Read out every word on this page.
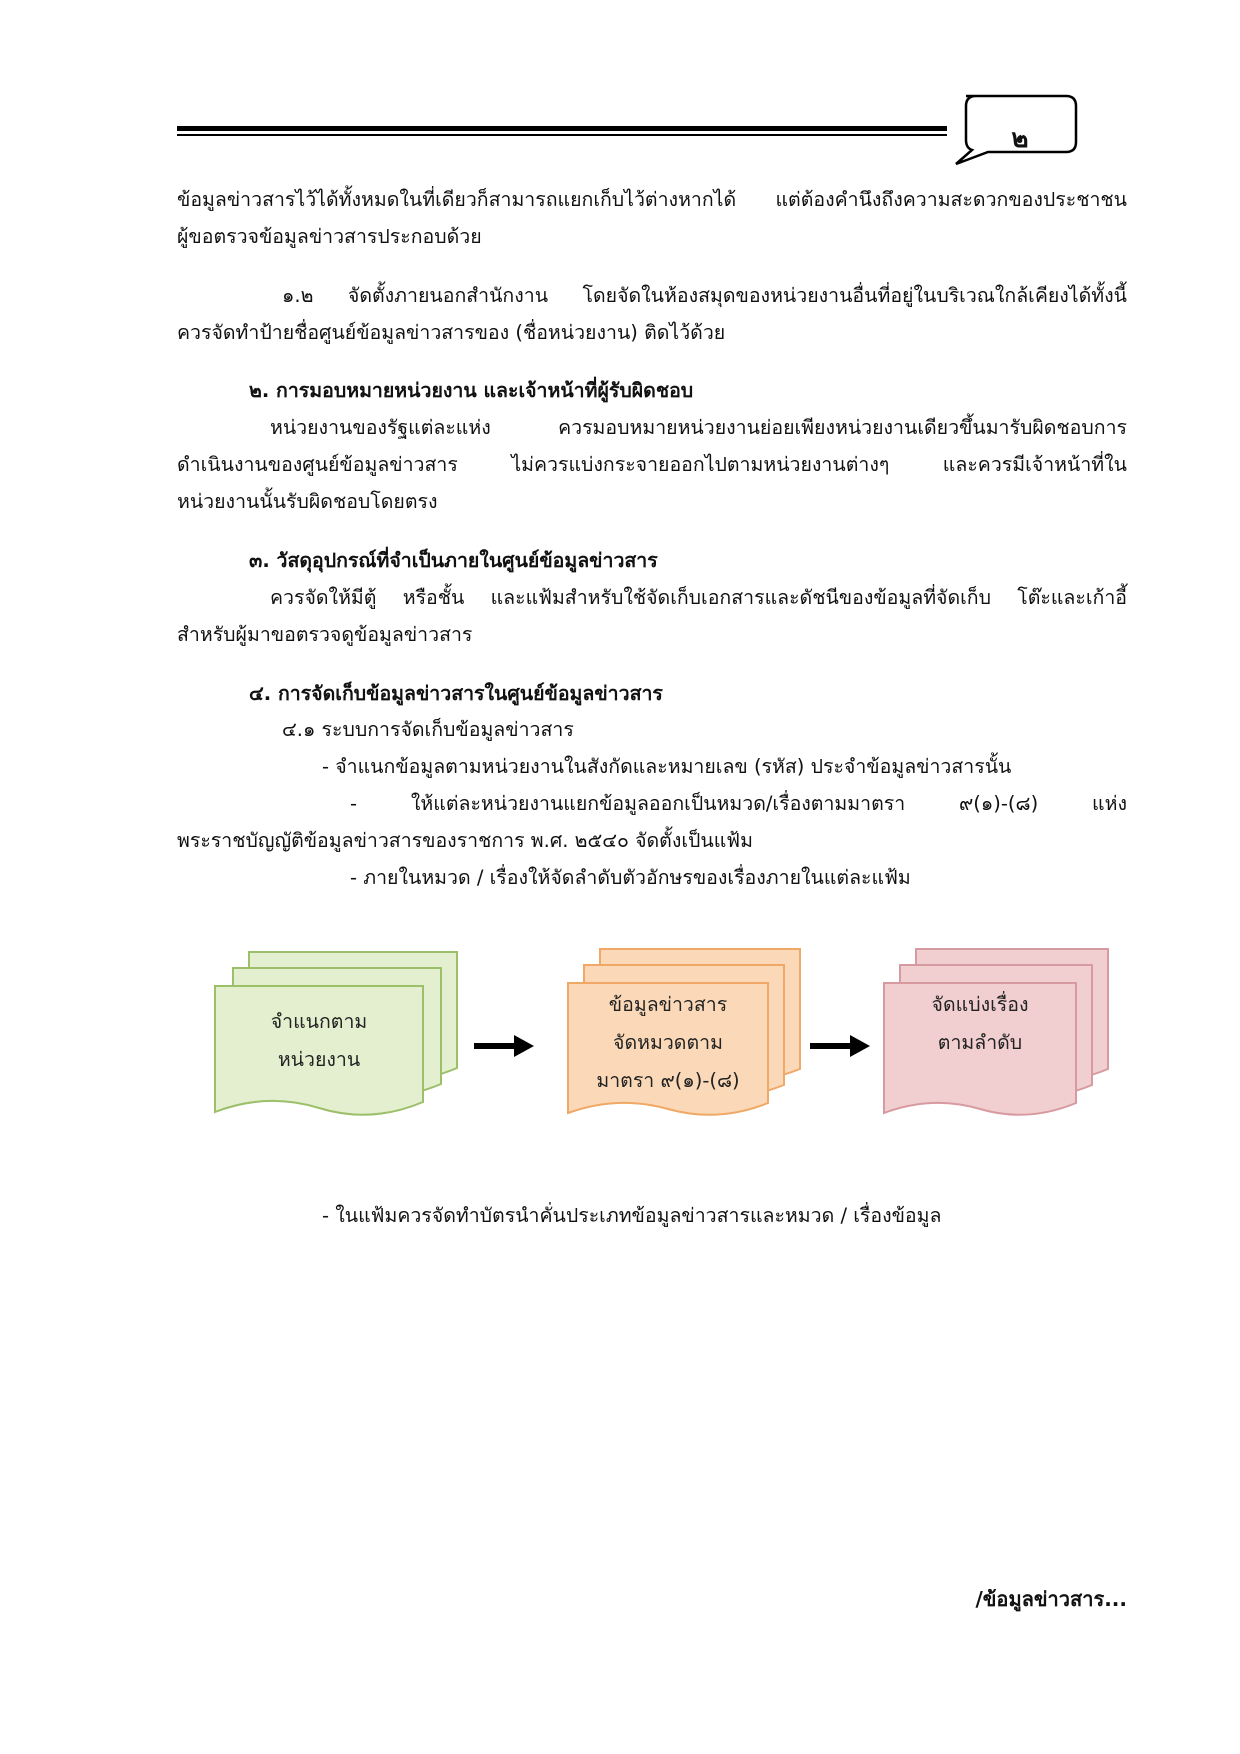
๒
ข้อมูลข่าวสารไว้ได้ทั้งหมดในที่เดียวก็สามารถแยกเก็บไว้ต่างหากได้ แต่ต้องคำนึงถึงความสะดวกของประชาชน
ผู้ขอตรวจข้อมูลข่าวสารประกอบด้วย
๑.๒ จัดตั้งภายนอกสำนักงาน โดยจัดในห้องสมุดของหน่วยงานอื่นที่อยู่ในบริเวณใกล้เคียงได้ทั้งนี้
ควรจัดทำป้ายชื่อศูนย์ข้อมูลข่าวสารของ (ชื่อหน่วยงาน) ติดไว้ด้วย
๒. การมอบหมายหน่วยงาน และเจ้าหน้าที่ผู้รับผิดชอบ
หน่วยงานของรัฐแต่ละแห่ง ควรมอบหมายหน่วยงานย่อยเพียงหน่วยงานเดียวขึ้นมารับผิดชอบการ
ดำเนินงานของศูนย์ข้อมูลข่าวสาร ไม่ควรแบ่งกระจายออกไปตามหน่วยงานต่างๆ และควรมีเจ้าหน้าที่ใน
หน่วยงานนั้นรับผิดชอบโดยตรง
๓. วัสดุอุปกรณ์ที่จำเป็นภายในศูนย์ข้อมูลข่าวสาร
ควรจัดให้มีตู้ หรือชั้น และแฟ้มสำหรับใช้จัดเก็บเอกสารและดัชนีของข้อมูลที่จัดเก็บ โต๊ะและเก้าอี้
สำหรับผู้มาขอตรวจดูข้อมูลข่าวสาร
๔. การจัดเก็บข้อมูลข่าวสารในศูนย์ข้อมูลข่าวสาร
๔.๑ ระบบการจัดเก็บข้อมูลข่าวสาร
- จำแนกข้อมูลตามหน่วยงานในสังกัดและหมายเลข (รหัส) ประจำข้อมูลข่าวสารนั้น
- ให้แต่ละหน่วยงานแยกข้อมูลออกเป็นหมวด/เรื่องตามมาตรา ๙(๑)-(๘) แห่ง
พระราชบัญญัติข้อมูลข่าวสารของราชการ พ.ศ. ๒๕๔๐ จัดตั้งเป็นแฟ้ม
- ภายในหมวด / เรื่องให้จัดลำดับตัวอักษรของเรื่องภายในแต่ละแฟ้ม
จำแนกตาม
หน่วยงาน
ข้อมูลข่าวสาร
จัดหมวดตาม
มาตรา ๙(๑)-(๘)
จัดแบ่งเรื่อง
ตามลำดับ
- ในแฟ้มควรจัดทำบัตรนำคั่นประเภทข้อมูลข่าวสารและหมวด / เรื่องข้อมูล
/ข้อมูลข่าวสาร...
